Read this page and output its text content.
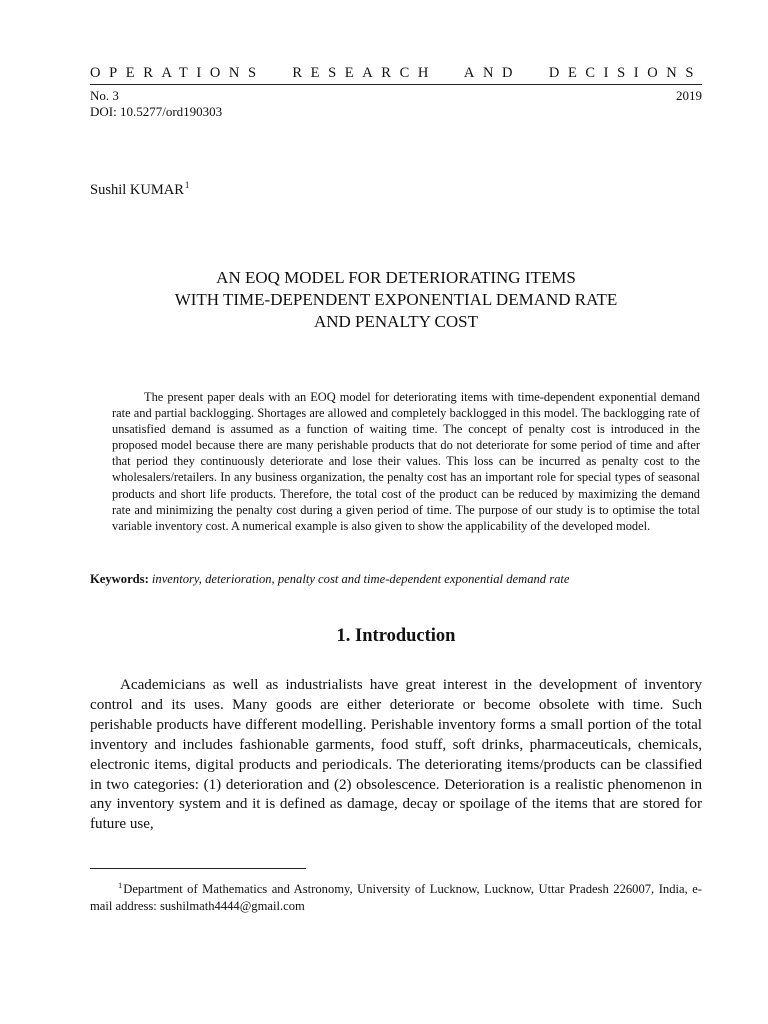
OPERATIONS RESEARCH AND DECISIONS
No. 3	2019
DOI: 10.5277/ord190303
Sushil KUMAR$^1$
AN EOQ MODEL FOR DETERIORATING ITEMS
WITH TIME-DEPENDENT EXPONENTIAL DEMAND RATE
AND PENALTY COST

The present paper deals with an EOQ model for deteriorating items with time-dependent exponential demand rate and partial backlogging. Shortages are allowed and completely backlogged in this model. The backlogging rate of unsatisfied demand is assumed as a function of waiting time. The concept of penalty cost is introduced in the proposed model because there are many perishable products that do not deteriorate for some period of time and after that period they continuously deteriorate and lose their values. This loss can be incurred as penalty cost to the wholesalers/retailers. In any business organization, the penalty cost has an important role for special types of seasonal products and short life products. Therefore, the total cost of the product can be reduced by maximizing the demand rate and minimizing the penalty cost during a given period of time. The purpose of our study is to optimise the total variable inventory cost. A numerical example is also given to show the applicability of the developed model.

Keywords: inventory, deterioration, penalty cost and time-dependent exponential demand rate
1. Introduction

Academicians as well as industrialists have great interest in the development of inventory control and its uses. Many goods are either deteriorate or become obsolete with time. Such perishable products have different modelling. Perishable inventory forms a small portion of the total inventory and includes fashionable garments, food stuff, soft drinks, pharmaceuticals, chemicals, electronic items, digital products and periodicals. The deteriorating items/products can be classified in two categories: (1) deterioration and (2) obsolescence. Deterioration is a realistic phenomenon in any inventory system and it is defined as damage, decay or spoilage of the items that are stored for future use,

$^1$Department of Mathematics and Astronomy, University of Lucknow, Lucknow, Uttar Pradesh 226007, India, e-mail address: sushilmath4444@gmail.com
